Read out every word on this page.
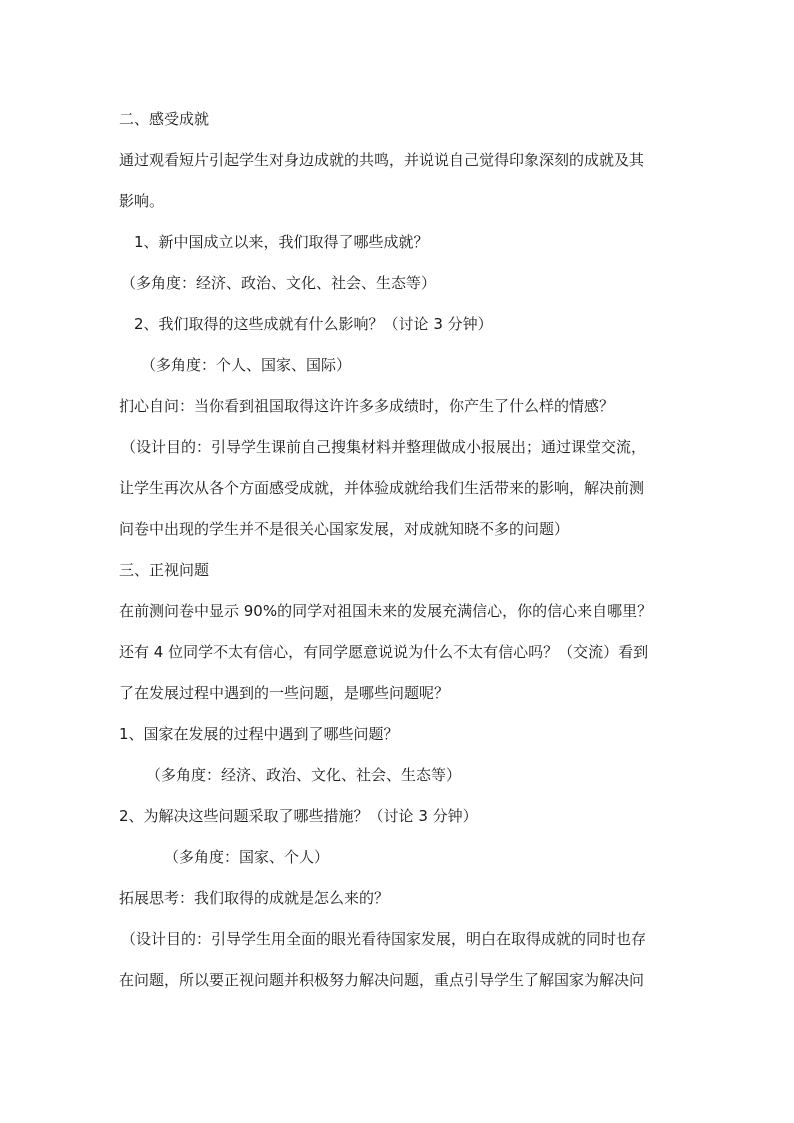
二、感受成就
通过观看短片引起学生对身边成就的共鸣，并说说自己觉得印象深刻的成就及其
影响。
1、新中国成立以来，我们取得了哪些成就？
（多角度：经济、政治、文化、社会、生态等）
2、我们取得的这些成就有什么影响？（讨论 3 分钟）
（多角度：个人、国家、国际）
扪心自问：当你看到祖国取得这许许多多成绩时，你产生了什么样的情感？
（设计目的：引导学生课前自己搜集材料并整理做成小报展出；通过课堂交流，
让学生再次从各个方面感受成就，并体验成就给我们生活带来的影响，解决前测
问卷中出现的学生并不是很关心国家发展，对成就知晓不多的问题）
三、正视问题
在前测问卷中显示 90%的同学对祖国未来的发展充满信心，你的信心来自哪里？
还有 4 位同学不太有信心，有同学愿意说说为什么不太有信心吗？（交流）看到
了在发展过程中遇到的一些问题，是哪些问题呢？
1、国家在发展的过程中遇到了哪些问题？
（多角度：经济、政治、文化、社会、生态等）
2、为解决这些问题采取了哪些措施？（讨论 3 分钟）
（多角度：国家、个人）
拓展思考：我们取得的成就是怎么来的？
（设计目的：引导学生用全面的眼光看待国家发展，明白在取得成就的同时也存
在问题，所以要正视问题并积极努力解决问题，重点引导学生了解国家为解决问
